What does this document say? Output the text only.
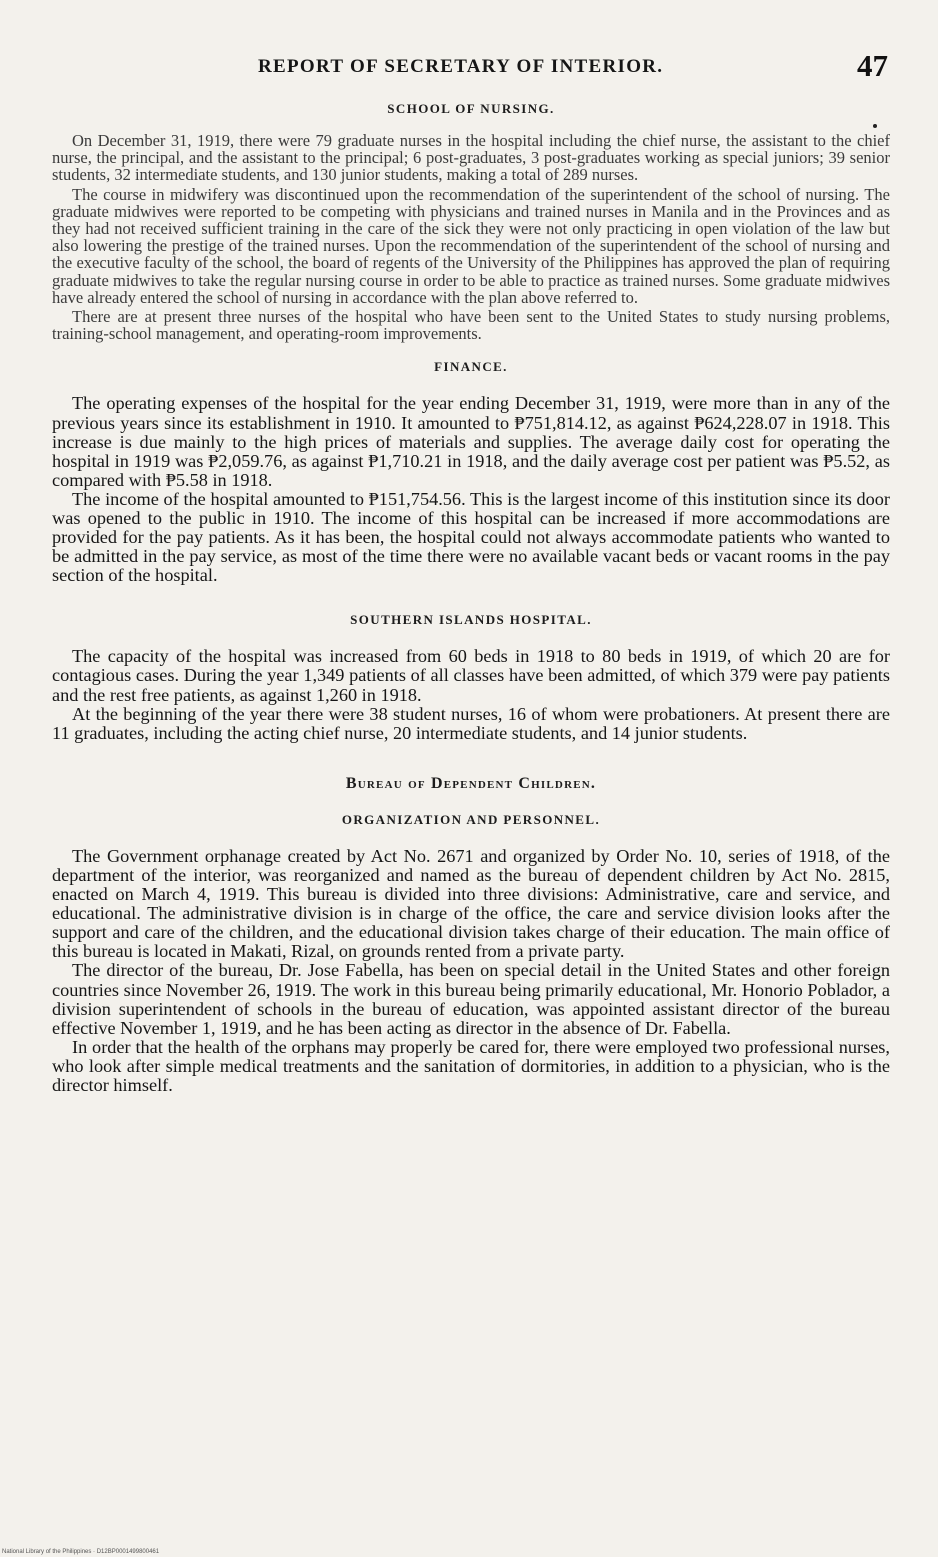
REPORT OF SECRETARY OF INTERIOR.	47
SCHOOL OF NURSING.

On December 31, 1919, there were 79 graduate nurses in the hospital including the chief nurse, the assistant to the chief nurse, the principal, and the assistant to the principal; 6 post-graduates, 3 post-graduates working as special juniors; 39 senior students, 32 intermediate students, and 130 junior students, making a total of 289 nurses.

The course in midwifery was discontinued upon the recommendation of the superintendent of the school of nursing. The graduate midwives were reported to be competing with physicians and trained nurses in Manila and in the Provinces and as they had not received sufficient training in the care of the sick they were not only practicing in open violation of the law but also lowering the prestige of the trained nurses. Upon the recommendation of the superintendent of the school of nursing and the executive faculty of the school, the board of regents of the University of the Philippines has approved the plan of requiring graduate midwives to take the regular nursing course in order to be able to practice as trained nurses. Some graduate midwives have already entered the school of nursing in accordance with the plan above referred to.

There are at present three nurses of the hospital who have been sent to the United States to study nursing problems, training-school management, and operating-room improvements.

FINANCE.

The operating expenses of the hospital for the year ending December 31, 1919, were more than in any of the previous years since its establishment in 1910. It amounted to ₱751,814.12, as against ₱624,228.07 in 1918. This increase is due mainly to the high prices of materials and supplies. The average daily cost for operating the hospital in 1919 was ₱2,059.76, as against ₱1,710.21 in 1918, and the daily average cost per patient was ₱5.52, as compared with ₱5.58 in 1918.

The income of the hospital amounted to ₱151,754.56. This is the largest income of this institution since its door was opened to the public in 1910. The income of this hospital can be increased if more accommodations are provided for the pay patients. As it has been, the hospital could not always accommodate patients who wanted to be admitted in the pay service, as most of the time there were no available vacant beds or vacant rooms in the pay section of the hospital.

SOUTHERN ISLANDS HOSPITAL.

The capacity of the hospital was increased from 60 beds in 1918 to 80 beds in 1919, of which 20 are for contagious cases. During the year 1,349 patients of all classes have been admitted, of which 379 were pay patients and the rest free patients, as against 1,260 in 1918.

At the beginning of the year there were 38 student nurses, 16 of whom were probationers. At present there are 11 graduates, including the acting chief nurse, 20 intermediate students, and 14 junior students.

Bureau of Dependent Children.
ORGANIZATION AND PERSONNEL.

The Government orphanage created by Act No. 2671 and organized by Order No. 10, series of 1918, of the department of the interior, was reorganized and named as the bureau of dependent children by Act No. 2815, enacted on March 4, 1919. This bureau is divided into three divisions: Administrative, care and service, and educational. The administrative division is in charge of the office, the care and service division looks after the support and care of the children, and the educational division takes charge of their education. The main office of this bureau is located in Makati, Rizal, on grounds rented from a private party.

The director of the bureau, Dr. Jose Fabella, has been on special detail in the United States and other foreign countries since November 26, 1919. The work in this bureau being primarily educational, Mr. Honorio Poblador, a division superintendent of schools in the bureau of education, was appointed assistant director of the bureau effective November 1, 1919, and he has been acting as director in the absence of Dr. Fabella.

In order that the health of the orphans may properly be cared for, there were employed two professional nurses, who look after simple medical treatments and the sanitation of dormitories, in addition to a physician, who is the director himself.

National Library of the Philippines · D12BP0001499800461
